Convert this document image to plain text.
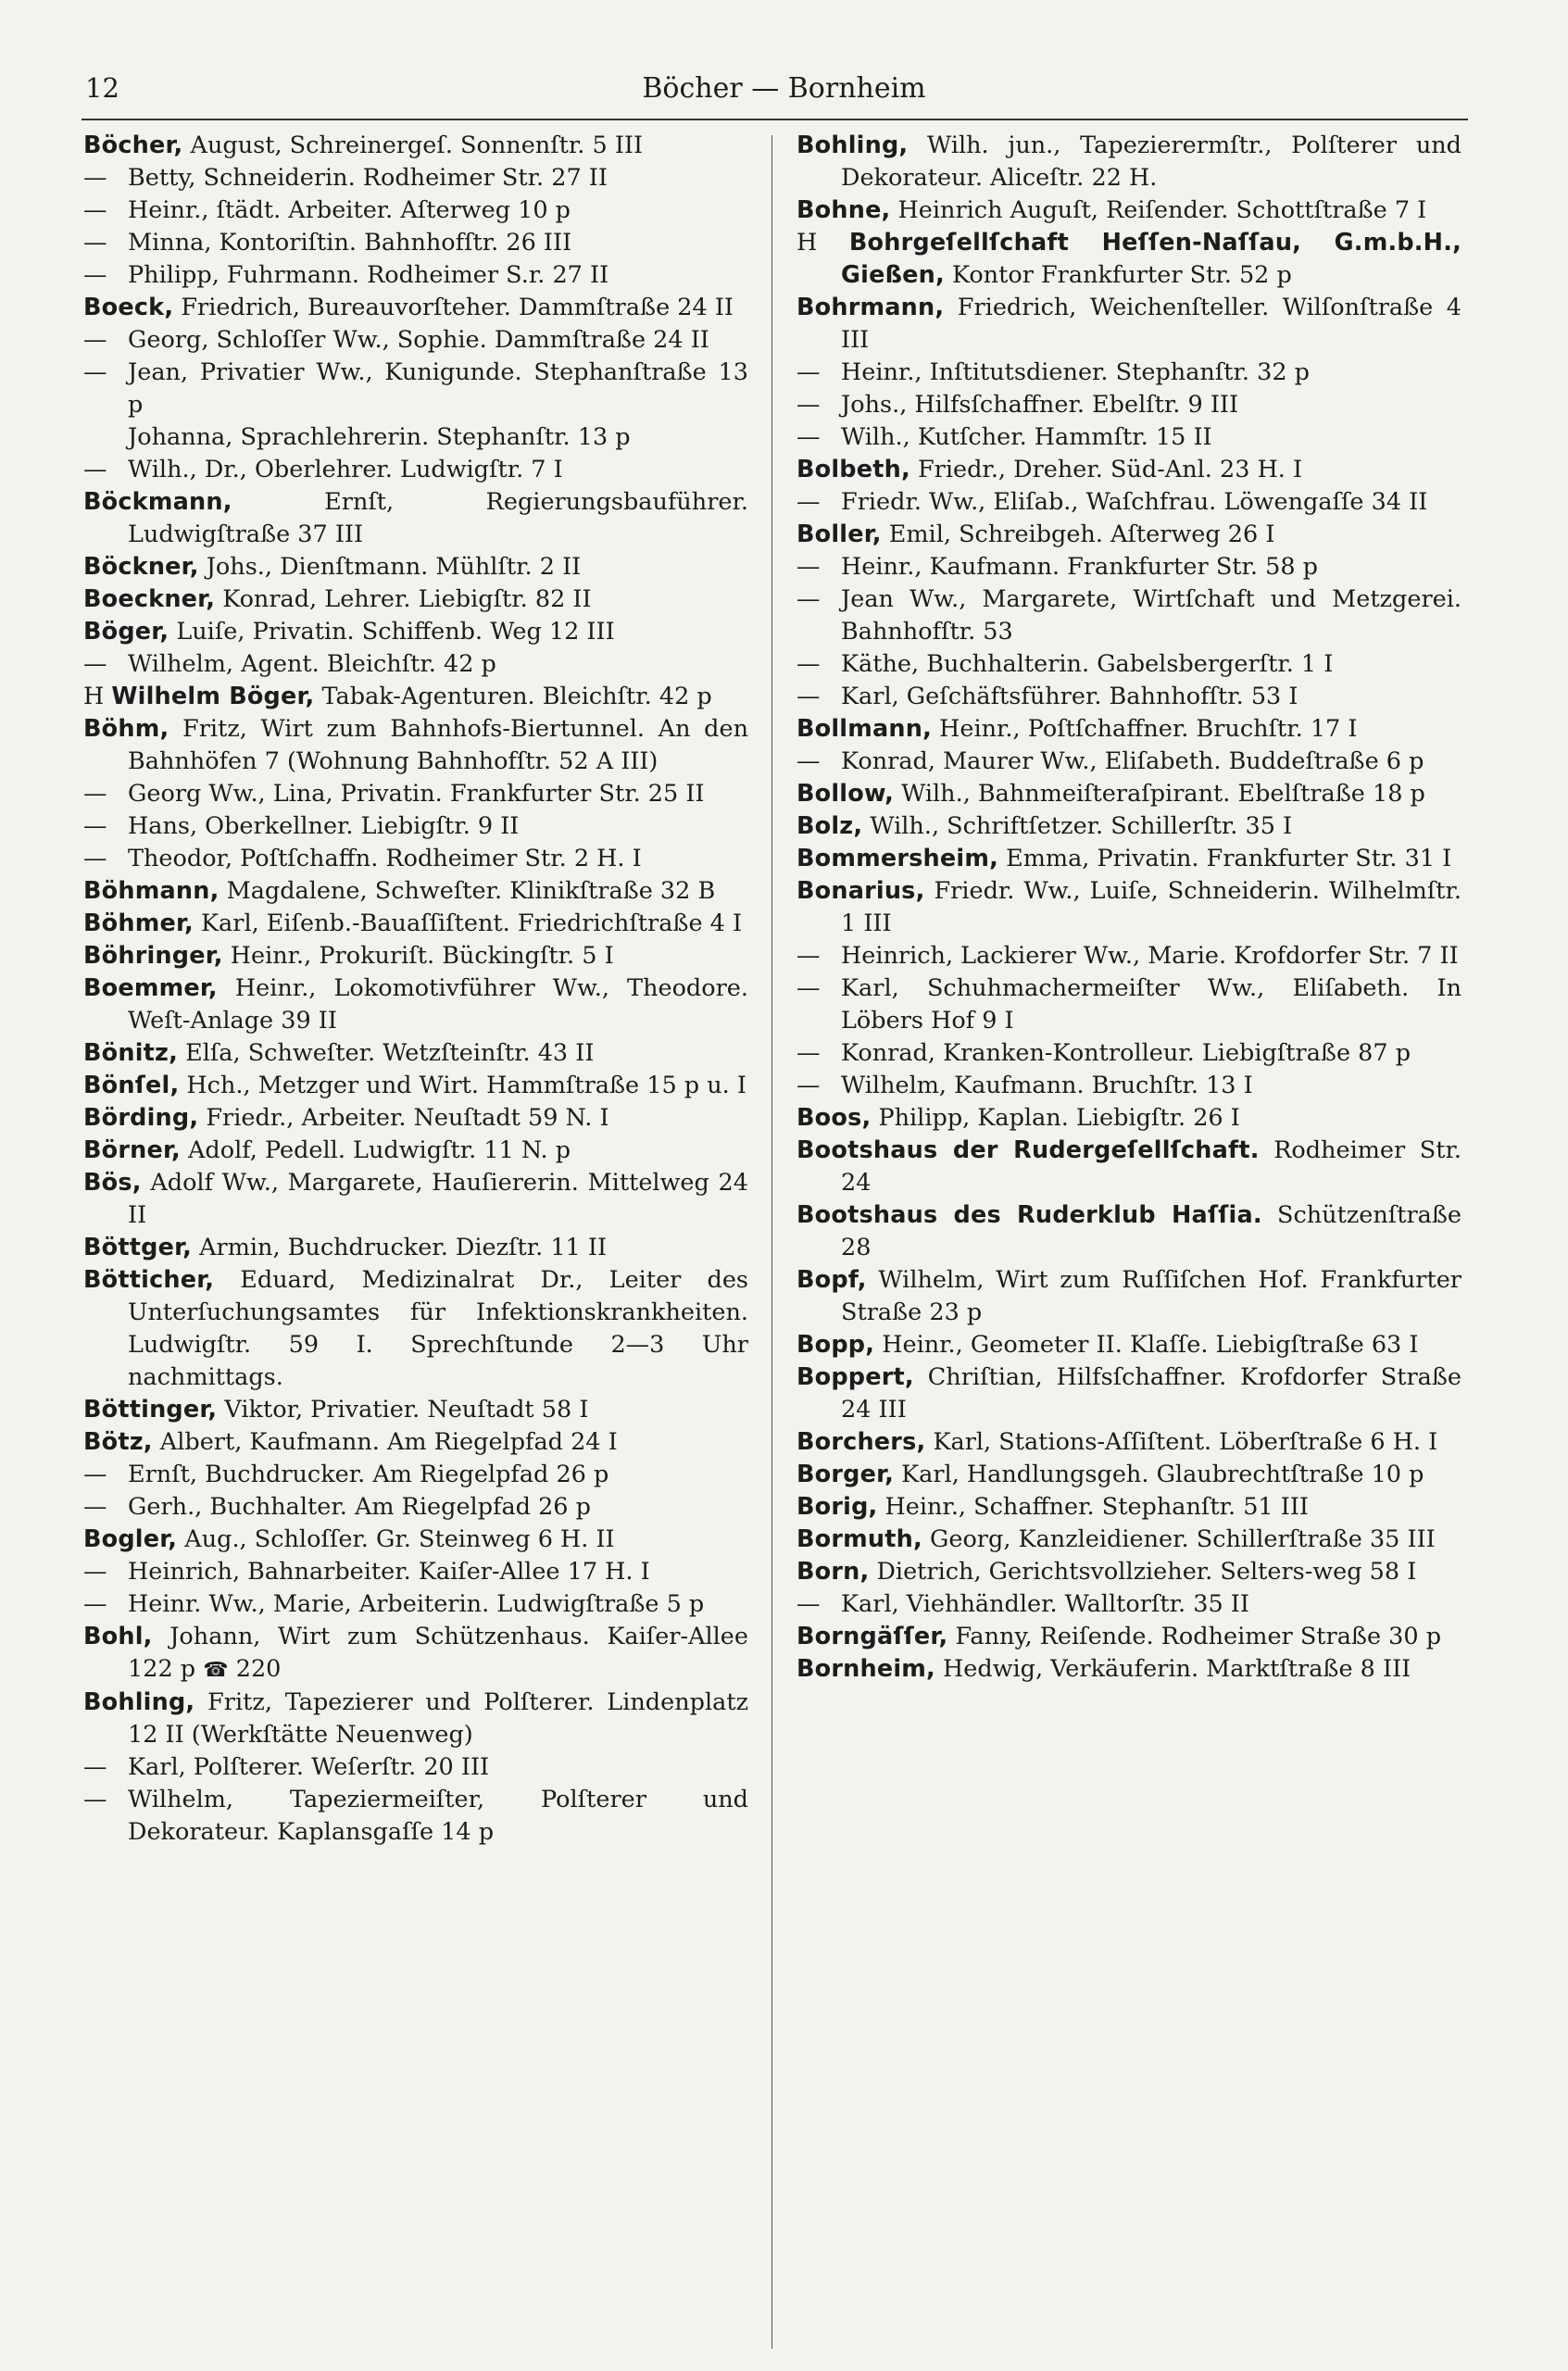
12	Böcher — Bornheim
Böcher, August, Schreinergeſ. Sonnenſtr. 5 III
— Betty, Schneiderin. Rodheimer Str. 27 II
— Heinr., ſtädt. Arbeiter. Aſterweg 10 p
— Minna, Kontoriſtin. Bahnhofſtr. 26 III
— Philipp, Fuhrmann. Rodheimer S.r. 27 II
Boeck, Friedrich, Bureauvorſteher. Dammſtraße 24 II
— Georg, Schloſſer Ww., Sophie. Dammſtraße 24 II
— Jean, Privatier Ww., Kunigunde. Stephanſtraße 13 p
Johanna, Sprachlehrerin. Stephanſtr. 13 p
— Wilh., Dr., Oberlehrer. Ludwigſtr. 7 I
Böckmann, Ernſt, Regierungsbauführer. Ludwigſtraße 37 III
Böckner, Johs., Dienſtmann. Mühlſtr. 2 II
Boeckner, Konrad, Lehrer. Liebigſtr. 82 II
Böger, Luiſe, Privatin. Schiffenb. Weg 12 III
— Wilhelm, Agent. Bleichſtr. 42 p
H Wilhelm Böger, Tabak-Agenturen. Bleichſtr. 42 p
Böhm, Fritz, Wirt zum Bahnhofs-Biertunnel. An den Bahnhöfen 7 (Wohnung Bahnhofſtr. 52 A III)
— Georg Ww., Lina, Privatin. Frankfurter Str. 25 II
— Hans, Oberkellner. Liebigſtr. 9 II
— Theodor, Poſtſchaffn. Rodheimer Str. 2 H. I
Böhmann, Magdalene, Schweſter. Klinikſtraße 32 B
Böhmer, Karl, Eiſenb.-Bauaſſiſtent. Friedrichſtraße 4 I
Böhringer, Heinr., Prokuriſt. Bückingſtr. 5 I
Boemmer, Heinr., Lokomotivführer Ww., Theodore. Weſt-Anlage 39 II
Bönitz, Elſa, Schweſter. Wetzſteinſtr. 43 II
Bönſel, Hch., Metzger und Wirt. Hammſtraße 15 p u. I
Börding, Friedr., Arbeiter. Neuſtadt 59 N. I
Börner, Adolf, Pedell. Ludwigſtr. 11 N. p
Bös, Adolf Ww., Margarete, Hauſiererin. Mittelweg 24 II
Böttger, Armin, Buchdrucker. Diezſtr. 11 II
Bötticher, Eduard, Medizinalrat Dr., Leiter des Unterſuchungsamtes für Infektionskrankheiten. Ludwigſtr. 59 I. Sprechſtunde 2—3 Uhr nachmittags.
Böttinger, Viktor, Privatier. Neuſtadt 58 I
Bötz, Albert, Kaufmann. Am Riegelpfad 24 I
— Ernſt, Buchdrucker. Am Riegelpfad 26 p
— Gerh., Buchhalter. Am Riegelpfad 26 p
Bogler, Aug., Schloſſer. Gr. Steinweg 6 H. II
— Heinrich, Bahnarbeiter. Kaiſer-Allee 17 H. I
— Heinr. Ww., Marie, Arbeiterin. Ludwigſtraße 5 p
Bohl, Johann, Wirt zum Schützenhaus. Kaiſer-Allee 122 p ☎ 220
Bohling, Fritz, Tapezierer und Polſterer. Lindenplatz 12 II (Werkſtätte Neuenweg)
— Karl, Polſterer. Weſerſtr. 20 III
— Wilhelm, Tapeziermeiſter, Polſterer und Dekorateur. Kaplansgaſſe 14 p
Bohling, Wilh. jun., Tapezierermſtr., Polſterer und Dekorateur. Aliceſtr. 22 H.
Bohne, Heinrich Auguſt, Reiſender. Schottſtraße 7 I
H Bohrgeſellſchaft Heſſen-Naſſau, G.m.b.H., Gießen, Kontor Frankfurter Str. 52 p
Bohrmann, Friedrich, Weichenſteller. Wilſonſtraße 4 III
— Heinr., Inſtitutsdiener. Stephanſtr. 32 p
— Johs., Hilfsſchaffner. Ebelſtr. 9 III
— Wilh., Kutſcher. Hammſtr. 15 II
Bolbeth, Friedr., Dreher. Süd-Anl. 23 H. I
— Friedr. Ww., Eliſab., Waſchfrau. Löwengaſſe 34 II
Boller, Emil, Schreibgeh. Aſterweg 26 I
— Heinr., Kaufmann. Frankfurter Str. 58 p
— Jean Ww., Margarete, Wirtſchaft und Metzgerei. Bahnhofſtr. 53
— Käthe, Buchhalterin. Gabelsbergerſtr. 1 I
— Karl, Geſchäftsführer. Bahnhofſtr. 53 I
Bollmann, Heinr., Poſtſchaffner. Bruchſtr. 17 I
— Konrad, Maurer Ww., Eliſabeth. Buddeſtraße 6 p
Bollow, Wilh., Bahnmeiſteraſpirant. Ebelſtraße 18 p
Bolz, Wilh., Schriftſetzer. Schillerſtr. 35 I
Bommersheim, Emma, Privatin. Frankfurter Str. 31 I
Bonarius, Friedr. Ww., Luiſe, Schneiderin. Wilhelmſtr. 1 III
— Heinrich, Lackierer Ww., Marie. Krofdorfer Str. 7 II
— Karl, Schuhmachermeiſter Ww., Eliſabeth. In Löbers Hof 9 I
— Konrad, Kranken-Kontrolleur. Liebigſtraße 87 p
— Wilhelm, Kaufmann. Bruchſtr. 13 I
Boos, Philipp, Kaplan. Liebigſtr. 26 I
Bootshaus der Rudergeſellſchaft. Rodheimer Str. 24
Bootshaus des Ruderklub Haſſia. Schützenſtraße 28
Bopf, Wilhelm, Wirt zum Ruſſiſchen Hof. Frankfurter Straße 23 p
Bopp, Heinr., Geometer II. Klaſſe. Liebigſtraße 63 I
Boppert, Chriſtian, Hilfsſchaffner. Krofdorfer Straße 24 III
Borchers, Karl, Stations-Aſſiſtent. Löberſtraße 6 H. I
Borger, Karl, Handlungsgeh. Glaubrechtſtraße 10 p
Borig, Heinr., Schaffner. Stephanſtr. 51 III
Bormuth, Georg, Kanzleidiener. Schillerſtraße 35 III
Born, Dietrich, Gerichtsvollzieher. Selters-weg 58 I
— Karl, Viehhändler. Walltorſtr. 35 II
Borngäſſer, Fanny, Reiſende. Rodheimer Straße 30 p
Bornheim, Hedwig, Verkäuferin. Marktſtraße 8 III
